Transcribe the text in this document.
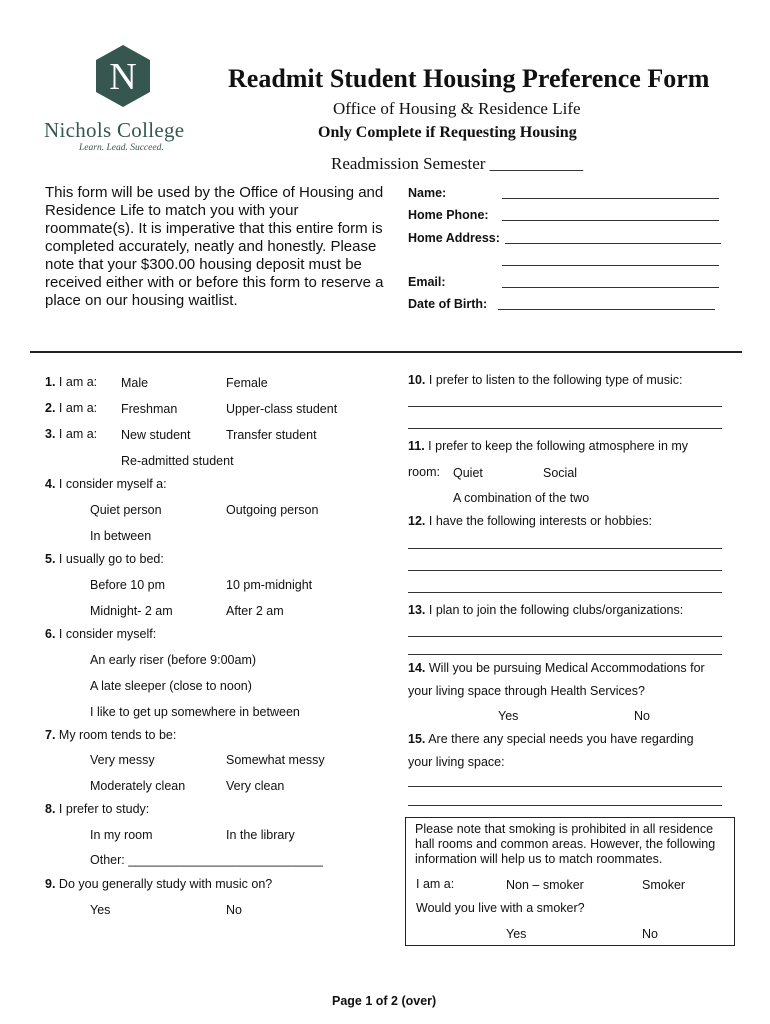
N
Nichols College
Learn. Lead. Succeed.
Readmit Student Housing Preference Form
Office of Housing & Residence Life
Only Complete if Requesting Housing
Readmission Semester ___________
This form will be used by the Office of Housing and Residence Life to match you with your roommate(s). It is imperative that this entire form is completed accurately, neatly and honestly. Please note that your $300.00 housing deposit must be received either with or before this form to reserve a place on our housing waitlist.
Name:
Home Phone:
Home Address:
Email:
Date of Birth:
1. I am a: Male	Female
2. I am a: Freshman	Upper-class student
3. I am a: New student	Transfer student
Re-admitted student
4. I consider myself a:
Quiet person	Outgoing person
In between
5. I usually go to bed:
Before 10 pm	10 pm-midnight
Midnight- 2 am	After 2 am
6. I consider myself:
An early riser (before 9:00am)
A late sleeper (close to noon)
I like to get up somewhere in between
7. My room tends to be:
Very messy	Somewhat messy
Moderately clean	Very clean
8. I prefer to study:
In my room	In the library
Other: ____________________________
9. Do you generally study with music on?
Yes	No
10. I prefer to listen to the following type of music:
11. I prefer to keep the following atmosphere in my
room: Quiet	Social
A combination of the two
12. I have the following interests or hobbies:
13. I plan to join the following clubs/organizations:
14. Will you be pursuing Medical Accommodations for
your living space through Health Services?
Yes	No
15. Are there any special needs you have regarding
your living space:
Please note that smoking is prohibited in all residence hall rooms and common areas. However, the following information will help us to match roommates.
I am a:	Non – smoker	Smoker
Would you live with a smoker?
Yes	No
Page 1 of 2 (over)
